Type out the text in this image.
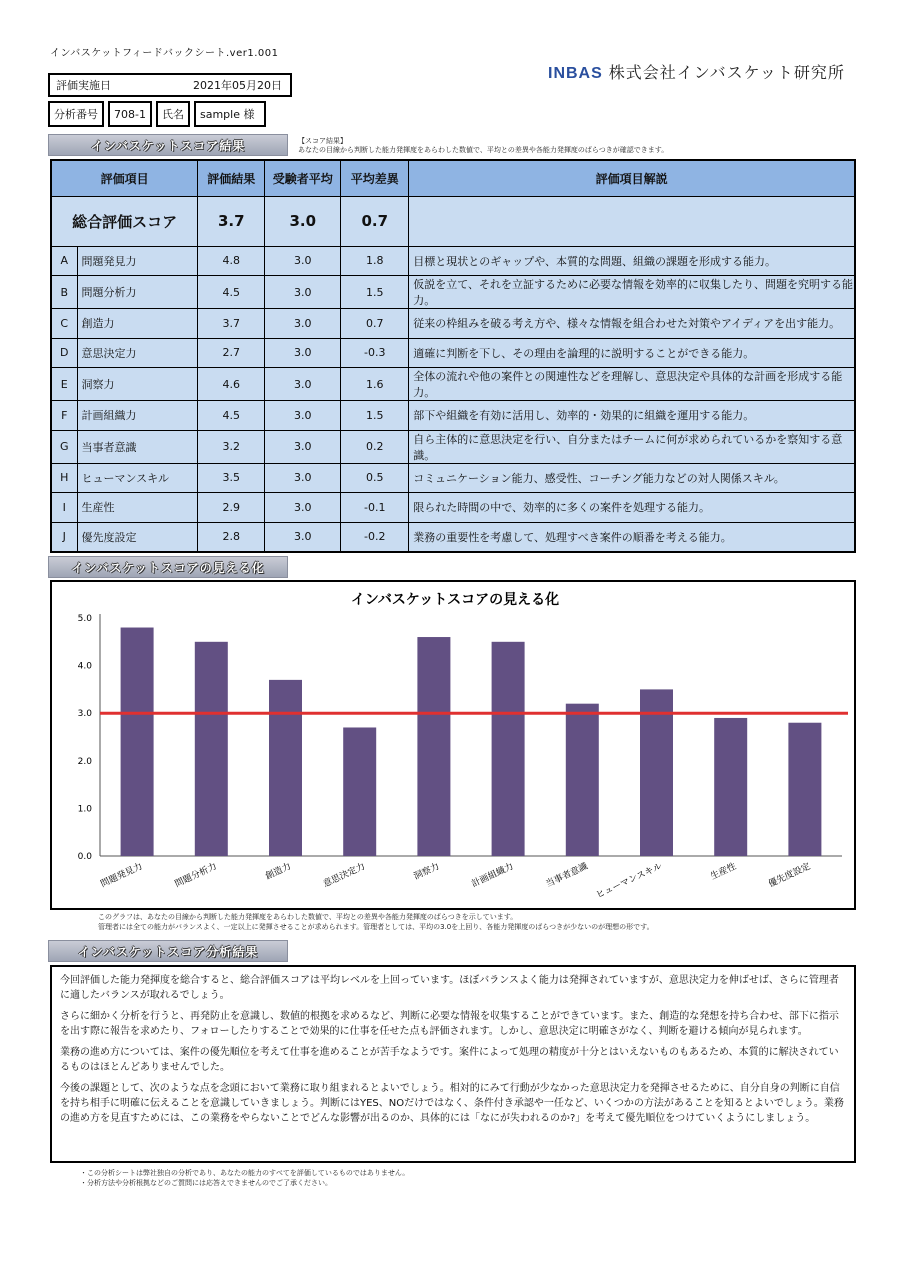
インバスケットフィードバックシート.ver1.001
INBAS 株式会社インバスケット研究所
評価実施日	2021年05月20日
分析番号	708-1	氏名	sample 様
インバスケットスコア結果	【スコア結果】
あなたの目線から判断した能力発揮度をあらわした数値で、平均との差異や各能力発揮度のばらつきが確認できます。
評価項目		評価結果	受験者平均	平均差異	評価項目解説
総合評価スコア		3.7	3.0	0.7	
A	問題発見力	4.8	3.0	1.8	目標と現状とのギャップや、本質的な問題、組織の課題を形成する能力。
B	問題分析力	4.5	3.0	1.5	仮説を立て、それを立証するために必要な情報を効率的に収集したり、問題を究明する能力。
C	創造力	3.7	3.0	0.7	従来の枠組みを破る考え方や、様々な情報を組合わせた対策やアイディアを出す能力。
D	意思決定力	2.7	3.0	-0.3	適確に判断を下し、その理由を論理的に説明することができる能力。
E	洞察力	4.6	3.0	1.6	全体の流れや他の案件との関連性などを理解し、意思決定や具体的な計画を形成する能力。
F	計画組織力	4.5	3.0	1.5	部下や組織を有効に活用し、効率的・効果的に組織を運用する能力。
G	当事者意識	3.2	3.0	0.2	自ら主体的に意思決定を行い、自分またはチームに何が求められているかを察知する意識。
H	ヒューマンスキル	3.5	3.0	0.5	コミュニケーション能力、感受性、コーチング能力などの対人関係スキル。
I	生産性	2.9	3.0	-0.1	限られた時間の中で、効率的に多くの案件を処理する能力。
J	優先度設定	2.8	3.0	-0.2	業務の重要性を考慮して、処理すべき案件の順番を考える能力。
インバスケットスコアの見える化
インバスケットスコアの見える化
5.0
4.0
3.0
2.0
1.0
0.0
問題発見力	問題分析力	創造力	意思決定力	洞察力	計画組織力	当事者意識 ヒューマンスキル	生産性	優先度設定
このグラフは、あなたの目線から判断した能力発揮度をあらわした数値で、平均との差異や各能力発揮度のばらつきを示しています。
管理者には全ての能力がバランスよく、一定以上に発揮させることが求められます。管理者としては、平均の3.0を上回り、各能力発揮度のばらつきが少ないのが理想の形です。
インバスケットスコア分析結果

今回評価した能力発揮度を総合すると、総合評価スコアは平均レベルを上回っています。ほぼバランスよく能力は発揮されていますが、意思決定力を伸ばせば、さらに管理者に適したバランスが取れるでしょう。

さらに細かく分析を行うと、再発防止を意識し、数値的根拠を求めるなど、判断に必要な情報を収集することができています。また、創造的な発想を持ち合わせ、部下に指示を出す際に報告を求めたり、フォローしたりすることで効果的に仕事を任せた点も評価されます。しかし、意思決定に明確さがなく、判断を避ける傾向が見られます。

業務の進め方については、案件の優先順位を考えて仕事を進めることが苦手なようです。案件によって処理の精度が十分とはいえないものもあるため、本質的に解決されているものはほとんどありませんでした。

今後の課題として、次のような点を念頭において業務に取り組まれるとよいでしょう。相対的にみて行動が少なかった意思決定力を発揮させるために、自分自身の判断に自信を持ち相手に明確に伝えることを意識していきましょう。判断にはYES、NOだけではなく、条件付き承認や一任など、いくつかの方法があることを知るとよいでしょう。業務の進め方を見直すためには、この業務をやらないことでどんな影響が出るのか、具体的には「なにが失われるのか?」を考えて優先順位をつけていくようにしましょう。

・この分析シートは弊社独自の分析であり、あなたの能力のすべてを評価しているものではありません。
・分析方法や分析根拠などのご質問には応答えできませんのでご了承ください。
